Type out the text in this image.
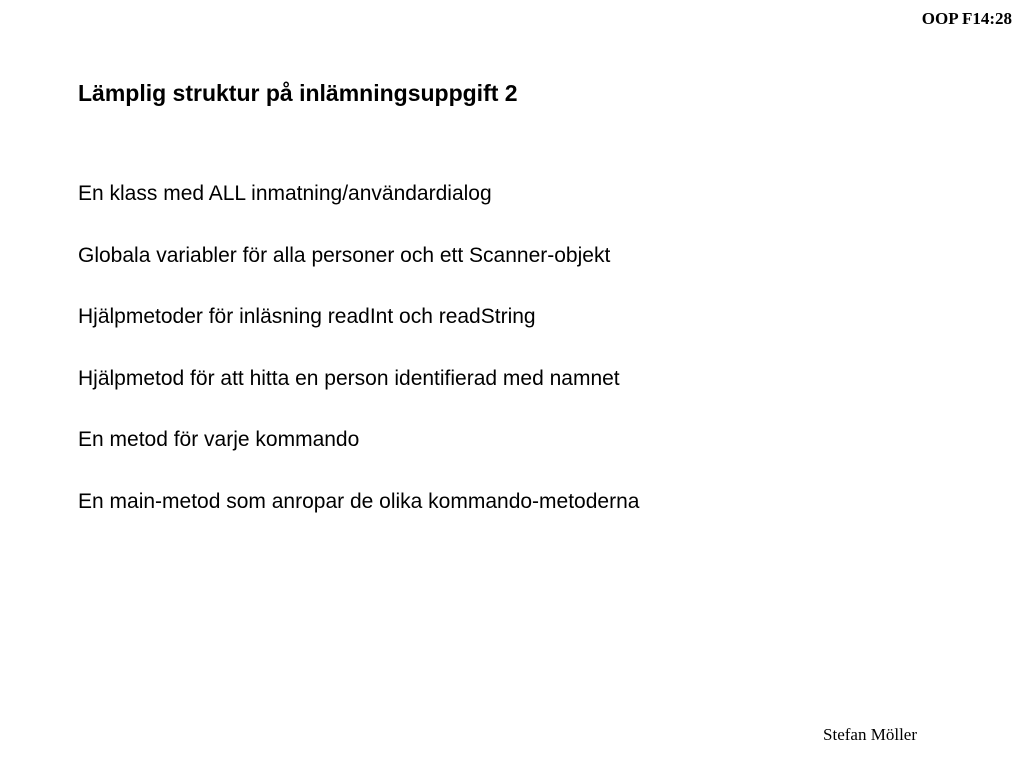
OOP F14:28
Lämplig struktur på inlämningsuppgift 2
En klass med ALL inmatning/användardialog
Globala variabler för alla personer och ett Scanner-objekt
Hjälpmetoder för inläsning readInt och readString
Hjälpmetod för att hitta en person identifierad med namnet
En metod för varje kommando
En main-metod som anropar de olika kommando-metoderna
Stefan Möller
